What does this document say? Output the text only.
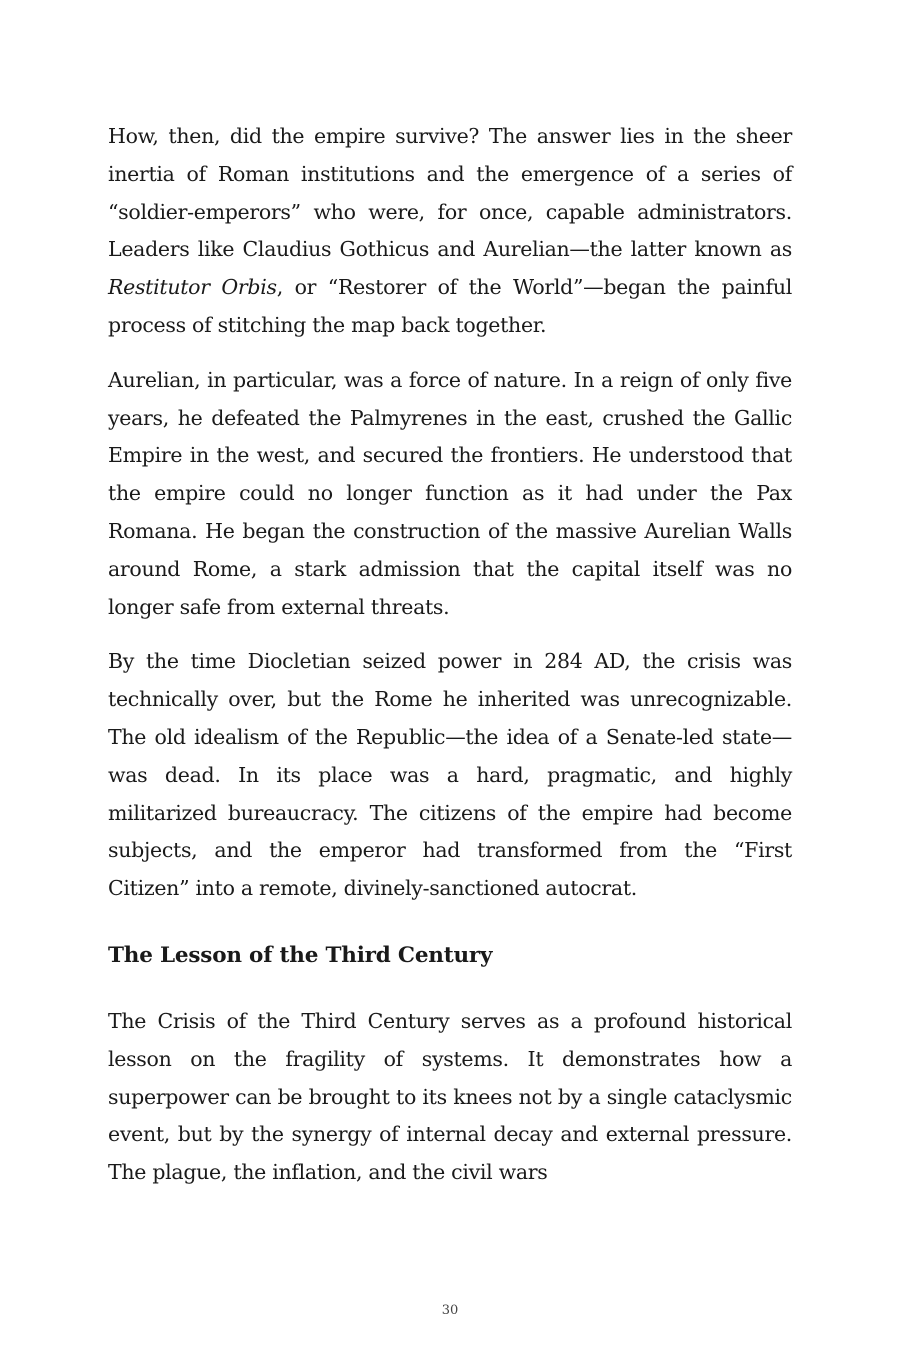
How, then, did the empire survive? The answer lies in the sheer inertia of Roman institutions and the emergence of a series of “soldier-emperors” who were, for once, capable administrators. Leaders like Claudius Gothicus and Aurelian—the latter known as Restitutor Orbis, or “Restorer of the World”—began the painful process of stitching the map back together.

Aurelian, in particular, was a force of nature. In a reign of only five years, he defeated the Palmyrenes in the east, crushed the Gallic Empire in the west, and secured the frontiers. He understood that the empire could no longer function as it had under the Pax Romana. He began the construction of the massive Aurelian Walls around Rome, a stark admission that the capital itself was no longer safe from external threats.

By the time Diocletian seized power in 284 AD, the crisis was technically over, but the Rome he inherited was unrecognizable. The old idealism of the Republic—the idea of a Senate-led state—was dead. In its place was a hard, pragmatic, and highly militarized bureaucracy. The citizens of the empire had become subjects, and the emperor had transformed from the “First Citizen” into a remote, divinely-sanctioned autocrat.

The Lesson of the Third Century

The Crisis of the Third Century serves as a profound historical lesson on the fragility of systems. It demonstrates how a superpower can be brought to its knees not by a single cataclysmic event, but by the synergy of internal decay and external pressure. The plague, the inflation, and the civil wars

30
